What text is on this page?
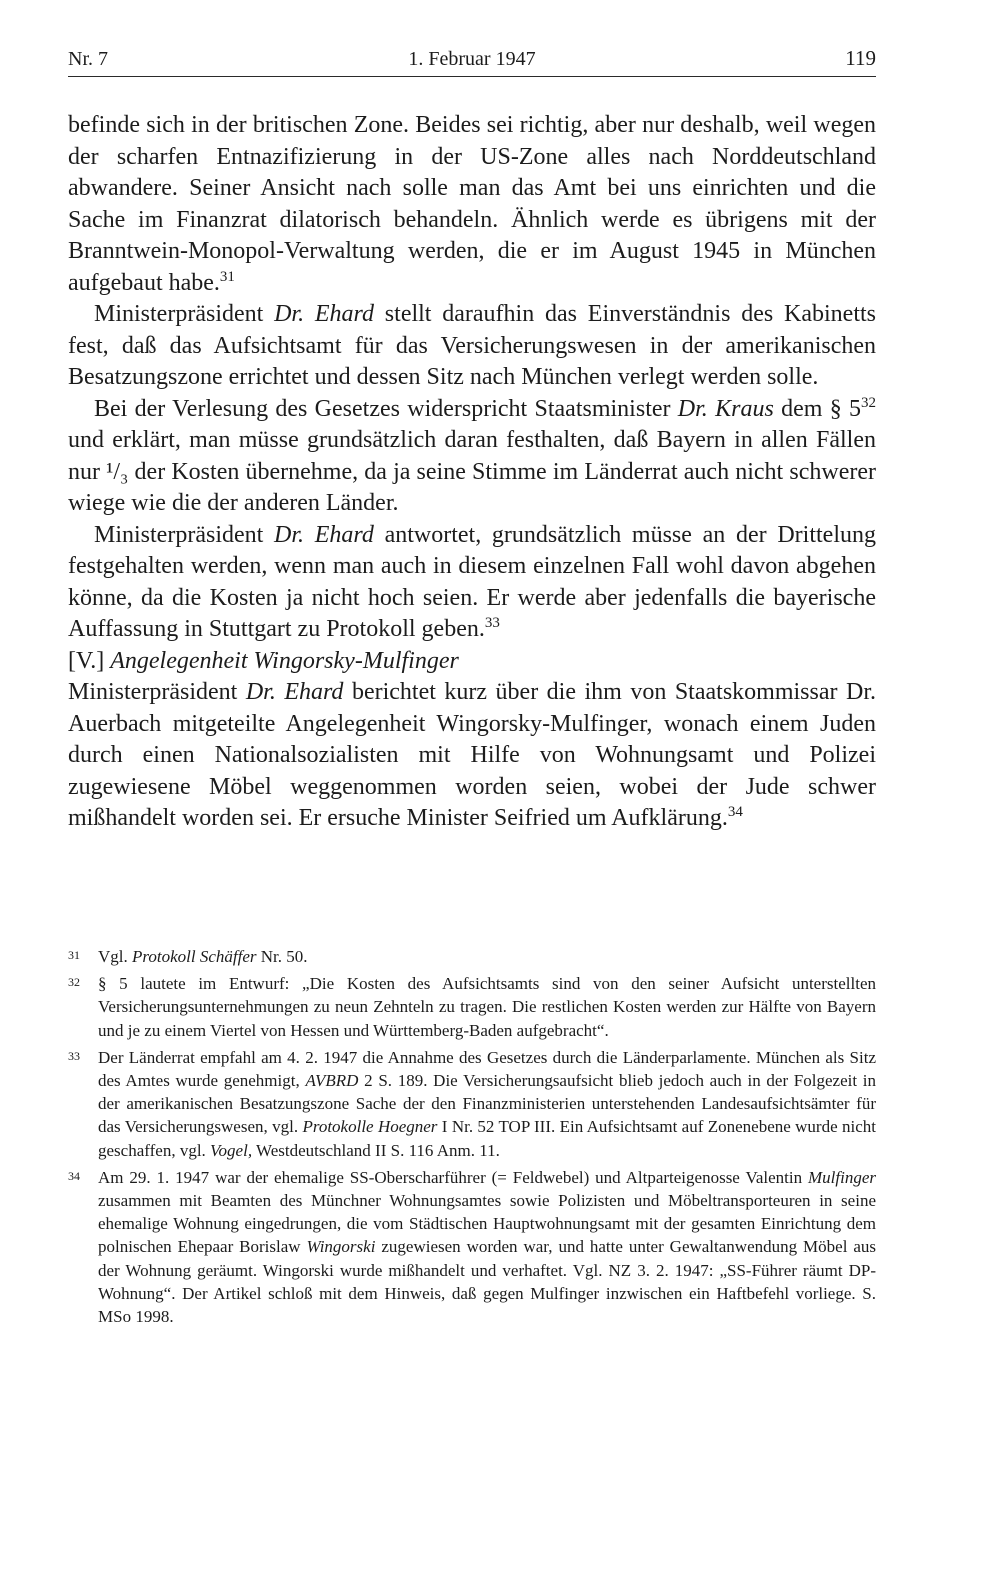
Nr. 7	1. Februar 1947	119

befinde sich in der britischen Zone. Beides sei richtig, aber nur deshalb, weil wegen der scharfen Entnazifizierung in der US-Zone alles nach Norddeutschland abwandere. Seiner Ansicht nach solle man das Amt bei uns einrichten und die Sache im Finanzrat dilatorisch behandeln. Ähnlich werde es übrigens mit der Branntwein-Monopol-Verwaltung werden, die er im August 1945 in München aufgebaut habe.$^{31}$

Ministerpräsident Dr. Ehard stellt daraufhin das Einverständnis des Kabinetts fest, daß das Aufsichtsamt für das Versicherungswesen in der amerikanischen Besatzungszone errichtet und dessen Sitz nach München verlegt werden solle.

Bei der Verlesung des Gesetzes widerspricht Staatsminister Dr. Kraus dem § $5^{32}$ und erklärt, man müsse grundsätzlich daran festhalten, daß Bayern in allen Fällen nur ¹/₃ der Kosten übernehme, da ja seine Stimme im Länderrat auch nicht schwerer wiege wie die der anderen Länder.

Ministerpräsident Dr. Ehard antwortet, grundsätzlich müsse an der Drittelung festgehalten werden, wenn man auch in diesem einzelnen Fall wohl davon abgehen könne, da die Kosten ja nicht hoch seien. Er werde aber jedenfalls die bayerische Auffassung in Stuttgart zu Protokoll geben.$^{33}$

[V.] Angelegenheit Wingorsky-Mulfinger

Ministerpräsident Dr. Ehard berichtet kurz über die ihm von Staatskommissar Dr. Auerbach mitgeteilte Angelegenheit Wingorsky-Mulfinger, wonach einem Juden durch einen Nationalsozialisten mit Hilfe von Wohnungsamt und Polizei zugewiesene Möbel weggenommen worden seien, wobei der Jude schwer mißhandelt worden sei. Er ersuche Minister Seifried um Aufklärung.$^{34}$

31 Vgl. Protokoll Schäffer Nr. 50.
32 § 5 lautete im Entwurf: „Die Kosten des Aufsichtsamts sind von den seiner Aufsicht unterstellten Versicherungsunternehmungen zu neun Zehnteln zu tragen. Die restlichen Kosten werden zur Hälfte von Bayern und je zu einem Viertel von Hessen und Württemberg-Baden aufgebracht“.
33 Der Länderrat empfahl am 4. 2. 1947 die Annahme des Gesetzes durch die Länderparlamente. München als Sitz des Amtes wurde genehmigt, AVBRD 2 S. 189. Die Versicherungsaufsicht blieb jedoch auch in der Folgezeit in der amerikanischen Besatzungszone Sache der den Finanzministerien unterstehenden Landesaufsichtsämter für das Versicherungswesen, vgl. Protokolle Hoegner I Nr. 52 TOP III. Ein Aufsichtsamt auf Zonenebene wurde nicht geschaffen, vgl. Vogel, Westdeutschland II S. 116 Anm. 11.
34 Am 29. 1. 1947 war der ehemalige SS-Oberscharführer (= Feldwebel) und Altparteigenosse Valentin Mulfinger zusammen mit Beamten des Münchner Wohnungsamtes sowie Polizisten und Möbeltransporteuren in seine ehemalige Wohnung eingedrungen, die vom Städtischen Hauptwohnungsamt mit der gesamten Einrichtung dem polnischen Ehepaar Borislaw Wingorski zugewiesen worden war, und hatte unter Gewaltanwendung Möbel aus der Wohnung geräumt. Wingorski wurde mißhandelt und verhaftet. Vgl. NZ 3. 2. 1947: „SS-Führer räumt DP-Wohnung“. Der Artikel schloß mit dem Hinweis, daß gegen Mulfinger inzwischen ein Haftbefehl vorliege. S. MSo 1998.
